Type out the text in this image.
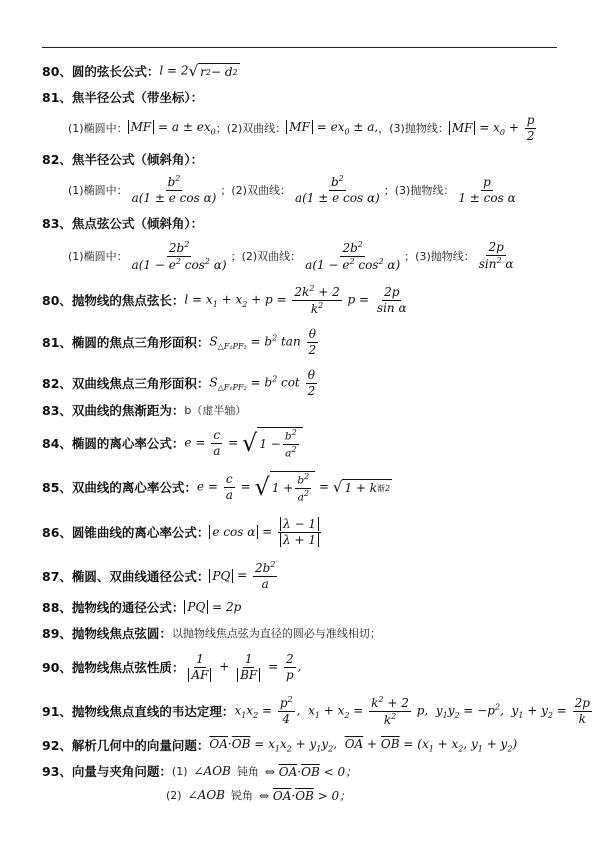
80、圆的弦长公式： l = 2 √ r 2 − d 2
81、焦半径公式（带坐标）：
(1)椭圆中： MF = $a \pm ex_0$ ；(2)双曲线： MF = $ex_0 \pm a$, ，(3)抛物线： MF = $x_0 + \frac{p}{2}$
82、焦半径公式（倾斜角）：
(1)椭圆中： $\frac{b^2}{\text{a(1 ± e cos α)}}$ ；(2)双曲线： $\frac{b^2}{\text{a(1 ± e cos α)}}$ ；(3)抛物线： $\frac{p}{\text{1 ± cos α}}$
83、焦点弦公式（倾斜角）：
(1)椭圆中： $\frac{2b^2}{a(1 - e^2 \cos^2 \alpha)}$ ；(2)双曲线： $\frac{2b^2}{a(1 - e^2 \cos^2 \alpha)}$ ；(3)抛物线： $\frac{2p}{\sin^2 \alpha}$
80、抛物线的焦点弦长： $l = x_1 + x_2 + p = \frac{2k^2 + 2}{k^2}$ $p = \frac{2p}{\text{sin α}}$
81、椭圆的焦点三角形面积： $S_{\triangle F_1PF_2} = b^2$ $\tan \frac{\theta}{2}$
82、双曲线焦点三角形面积： $S_{\triangle F_1PF_2} = b^2$ $\cot \frac{\theta}{2}$
83、双曲线的焦渐距为： b（虚半轴）
84、椭圆的离心率公式： $e = \frac{c}{a}$ = √ $1 - \frac{b^2}{a^2}$
85、双曲线的离心率公式： $e = \frac{c}{a}$ = √ $1 + \frac{b^2}{a^2}$ = √ 1 + k 渐 2
86、圆锥曲线的离心率公式： e $\cos \alpha = \frac{\lambda - 1}{\lambda + 1}$
87、椭圆、双曲线通径公式： PQ = $\frac{2b^2}{a}$
88、抛物线的通径公式： PQ = 2p
89、抛物线焦点弦圆： 以抛物线焦点弦为直径的圆必与准线相切；
90、抛物线焦点弦性质： $\frac{1}{AF} + \frac{1}{BF} = \frac{2}{p}$ ,
91、抛物线焦点直线的韦达定理： $x_1x_2 = \frac{p^2}{4}$ ,  $x_1 + x_2 = \frac{k^2 + 2}{k^2} p$,  $y_1y_2 = -p^2$,  $y_1 + y_2 = \frac{2p}{k}$
92、解析几何中的向量问题： $\overline{OA}\cdot\overline{OB} = x_1x_2 + y_1y_2$,  $\overline{OA} + \overline{OB} = (x_1 + x_2$, $y_1 + y_2$)
93、向量与夹角问题： (1) ∠AOB 钝角 ⇔ $\overline{OA}\cdot\overline{OB} < 0$；
(2) ∠AOB 锐角 ⇔ $\overline{OA}\cdot\overline{OB} > 0$；
